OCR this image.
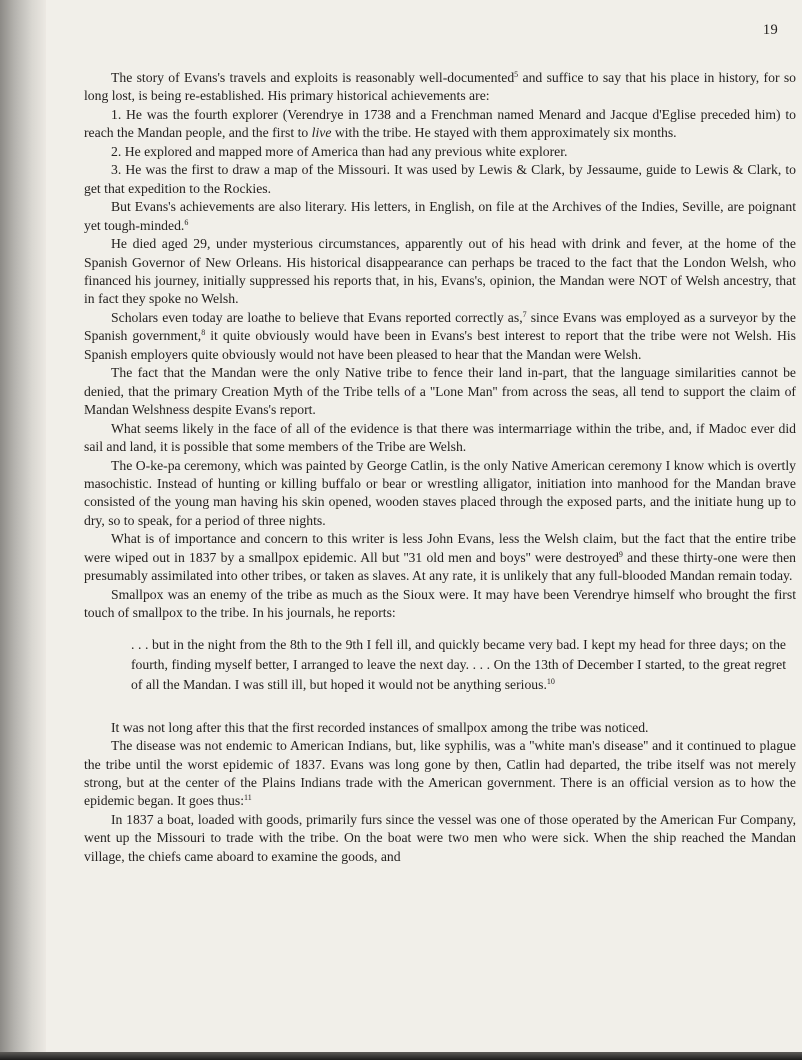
19

The story of Evans's travels and exploits is reasonably well-documented$^5$ and suffice to say that his place in history, for so long lost, is being re-established. His primary historical achievements are:

1. He was the fourth explorer (Verendrye in 1738 and a Frenchman named Menard and Jacque d'Eglise preceded him) to reach the Mandan people, and the first to live with the tribe. He stayed with them approximately six months.

2. He explored and mapped more of America than had any previous white explorer.

3. He was the first to draw a map of the Missouri. It was used by Lewis & Clark, by Jessaume, guide to Lewis & Clark, to get that expedition to the Rockies.

But Evans's achievements are also literary. His letters, in English, on file at the Archives of the Indies, Seville, are poignant yet tough-minded.$^6$

He died aged 29, under mysterious circumstances, apparently out of his head with drink and fever, at the home of the Spanish Governor of New Orleans. His historical disappearance can perhaps be traced to the fact that the London Welsh, who financed his journey, initially suppressed his reports that, in his, Evans's, opinion, the Mandan were NOT of Welsh ancestry, that in fact they spoke no Welsh.

Scholars even today are loathe to believe that Evans reported correctly as,$^7$ since Evans was employed as a surveyor by the Spanish government,$^8$ it quite obviously would have been in Evans's best interest to report that the tribe were not Welsh. His Spanish employers quite obviously would not have been pleased to hear that the Mandan were Welsh.

The fact that the Mandan were the only Native tribe to fence their land in-part, that the language similarities cannot be denied, that the primary Creation Myth of the Tribe tells of a ''Lone Man'' from across the seas, all tend to support the claim of Mandan Welshness despite Evans's report.

What seems likely in the face of all of the evidence is that there was intermarriage within the tribe, and, if Madoc ever did sail and land, it is possible that some members of the Tribe are Welsh.

The O-ke-pa ceremony, which was painted by George Catlin, is the only Native American ceremony I know which is overtly masochistic. Instead of hunting or killing buffalo or bear or wrestling alligator, initiation into manhood for the Mandan brave consisted of the young man having his skin opened, wooden staves placed through the exposed parts, and the initiate hung up to dry, so to speak, for a period of three nights.

What is of importance and concern to this writer is less John Evans, less the Welsh claim, but the fact that the entire tribe were wiped out in 1837 by a smallpox epidemic. All but ''31 old men and boys'' were destroyed$^9$ and these thirty-one were then presumably assimilated into other tribes, or taken as slaves. At any rate, it is unlikely that any full-blooded Mandan remain today.

Smallpox was an enemy of the tribe as much as the Sioux were. It may have been Verendrye himself who brought the first touch of smallpox to the tribe. In his journals, he reports:

. . . but in the night from the 8th to the 9th I fell ill, and quickly became very bad. I kept my head for three days; on the fourth, finding myself better, I arranged to leave the next day. . . . On the 13th of December I started, to the great regret of all the Mandan. I was still ill, but hoped it would not be anything serious.$^{10}$

It was not long after this that the first recorded instances of smallpox among the tribe was noticed.

The disease was not endemic to American Indians, but, like syphilis, was a ''white man's disease'' and it continued to plague the tribe until the worst epidemic of 1837. Evans was long gone by then, Catlin had departed, the tribe itself was not merely strong, but at the center of the Plains Indians trade with the American government. There is an official version as to how the epidemic began. It goes thus:$^{11}$

In 1837 a boat, loaded with goods, primarily furs since the vessel was one of those operated by the American Fur Company, went up the Missouri to trade with the tribe. On the boat were two men who were sick. When the ship reached the Mandan village, the chiefs came aboard to examine the goods, and
